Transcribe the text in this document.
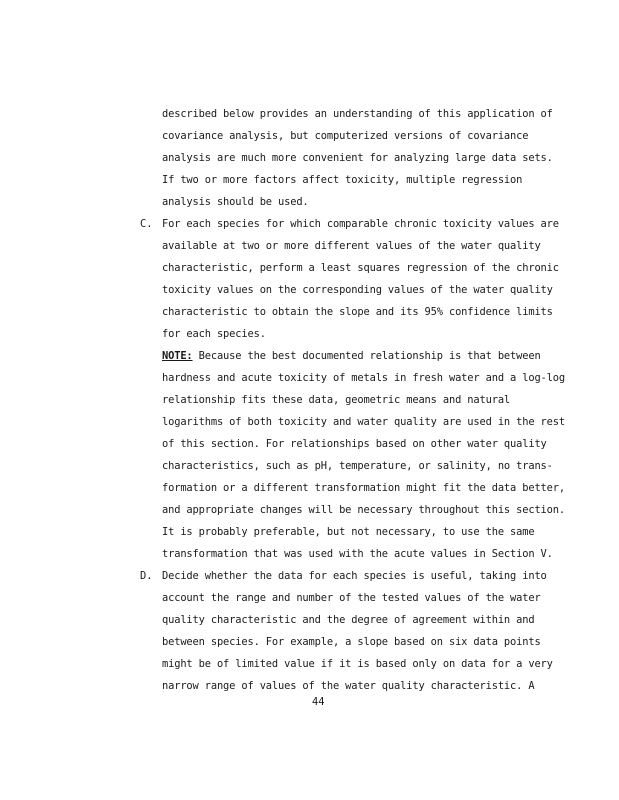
described below provides an understanding of this application of
covariance analysis, but computerized versions of covariance
analysis are much more convenient for analyzing large data sets.
If two or more factors affect toxicity, multiple regression
analysis should be used.
C. For each species for which comparable chronic toxicity values are
available at two or more different values of the water quality
characteristic, perform a least squares regression of the chronic
toxicity values on the corresponding values of the water quality
characteristic to obtain the slope and its 95% confidence limits
for each species.
NOTE: Because the best documented relationship is that between
hardness and acute toxicity of metals in fresh water and a log-log
relationship fits these data, geometric means and natural
logarithms of both toxicity and water quality are used in the rest
of this section. For relationships based on other water quality
characteristics, such as pH, temperature, or salinity, no trans-
formation or a different transformation might fit the data better,
and appropriate changes will be necessary throughout this section.
It is probably preferable, but not necessary, to use the same
transformation that was used with the acute values in Section V.
D. Decide whether the data for each species is useful, taking into
account the range and number of the tested values of the water
quality characteristic and the degree of agreement within and
between species. For example, a slope based on six data points
might be of limited value if it is based only on data for a very
narrow range of values of the water quality characteristic. A
44
